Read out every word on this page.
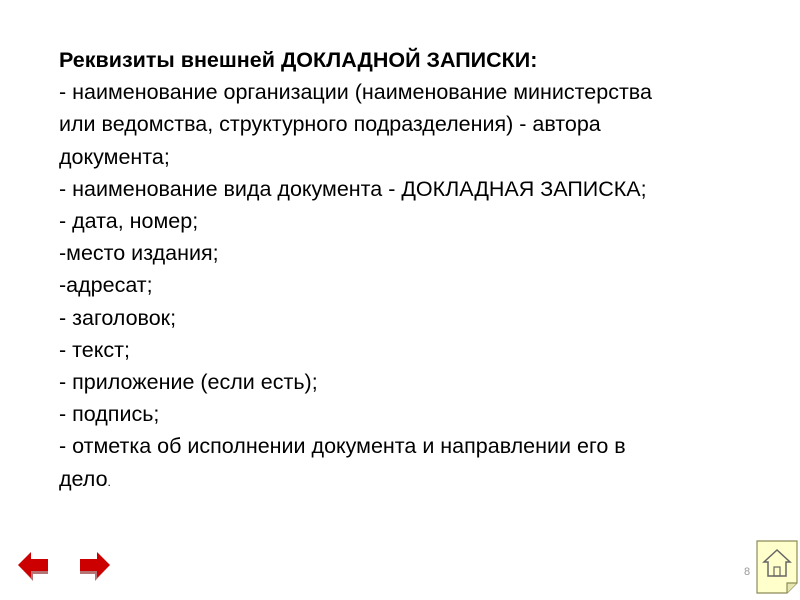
Реквизиты внешней ДОКЛАДНОЙ ЗАПИСКИ:
- наименование организации (наименование министерства
или ведомства, структурного подразделения) - автора
документа;
- наименование вида документа - ДОКЛАДНАЯ ЗАПИСКА;
- дата, номер;
-место издания;
-адресат;
- заголовок;
- текст;
- приложение (если есть);
- подпись;
- отметка об исполнении документа и направлении его в
дело.
8
